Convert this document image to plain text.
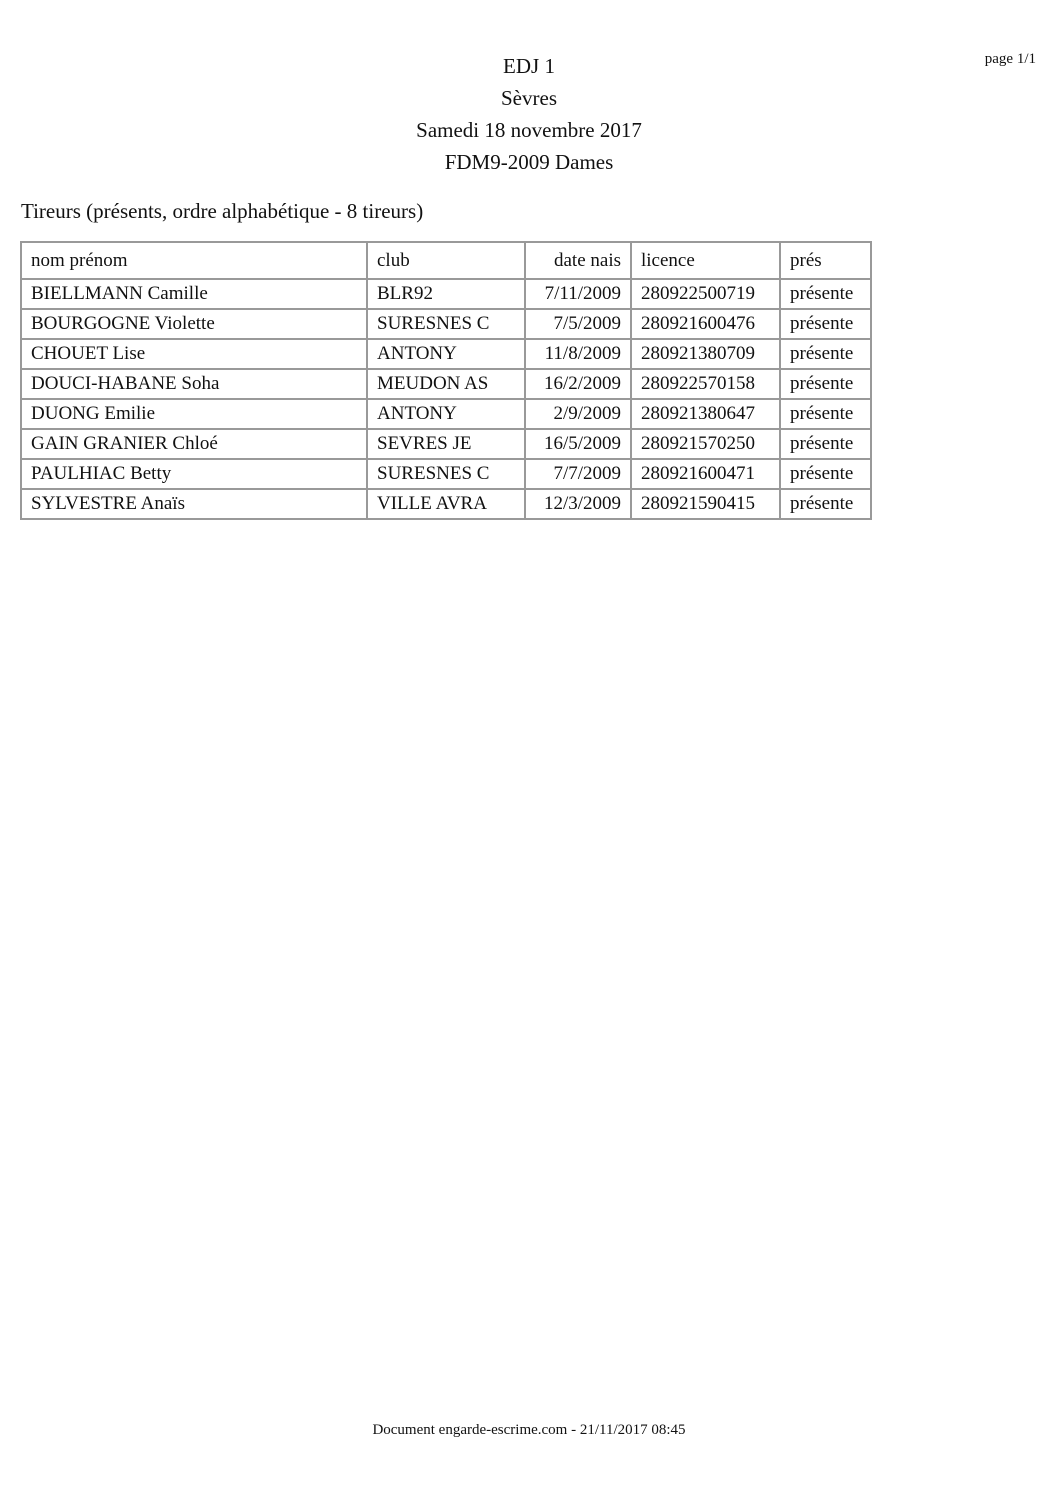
page 1/1
EDJ 1
Sèvres
Samedi 18 novembre 2017
FDM9-2009 Dames
Tireurs (présents, ordre alphabétique - 8 tireurs)
nom prénom	club	date nais	licence	prés
BIELLMANN Camille	BLR92	7/11/2009	280922500719	présente
BOURGOGNE Violette	SURESNES C	7/5/2009	280921600476	présente
CHOUET Lise	ANTONY	11/8/2009	280921380709	présente
DOUCI-HABANE Soha	MEUDON AS	16/2/2009	280922570158	présente
DUONG Emilie	ANTONY	2/9/2009	280921380647	présente
GAIN GRANIER Chloé	SEVRES JE	16/5/2009	280921570250	présente
PAULHIAC Betty	SURESNES C	7/7/2009	280921600471	présente
SYLVESTRE Anaïs	VILLE AVRA	12/3/2009	280921590415	présente
Document engarde-escrime.com - 21/11/2017 08:45
